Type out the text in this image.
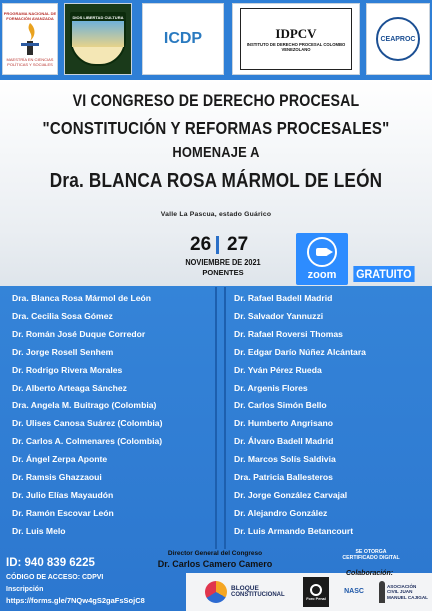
PROGRAMA NACIONAL DE FORMACIÓN AVANZADA
MAESTRÍA EN CIENCIAS POLÍTICAS Y SOCIALES
DIOS LIBERTAD CULTURA
ICDP	IDPCV
INSTITUTO DE DERECHO PROCESAL COLOMBO VENEZOLANO
CEAPROC
VI CONGRESO DE DERECHO PROCESAL
"CONSTITUCIÓN Y REFORMAS PROCESALES"
HOMENAJE A
Dra. BLANCA ROSA MÁRMOL DE LEÓN
Valle La Pascua, estado Guárico
26 27
NOVIEMBRE DE 2021
PONENTES	zoom GRATUITO
Dra. Blanca Rosa Mármol de León
Dra. Cecilia Sosa Gómez
Dr. Román José Duque Corredor
Dr. Jorge Rosell Senhem
Dr. Rodrigo Rivera Morales
Dr. Alberto Arteaga Sánchez
Dra. Angela M. Buitrago (Colombia)
Dr. Ulises Canosa Suárez (Colombia)
Dr. Carlos A. Colmenares (Colombia)
Dr. Ángel Zerpa Aponte
Dr. Ramsis Ghazzaoui
Dr. Julio Elías Mayaudón
Dr. Ramón Escovar León
Dr. Luis Melo
Dr. Rafael Badell Madrid
Dr. Salvador Yannuzzi
Dr. Rafael Roversi Thomas
Dr. Edgar Darío Núñez Alcántara
Dr. Yván Pérez Rueda
Dr. Argenis Flores
Dr. Carlos Simón Bello
Dr. Humberto Angrisano
Dr. Álvaro Badell Madrid
Dr. Marcos Solís Saldivia
Dra. Patricia Ballesteros
Dr. Jorge González Carvajal
Dr. Alejandro González
Dr. Luis Armando Betancourt
ID: 940 839 6225
CÓDIGO DE ACCESO: CDPVI
Inscripción
https://forms.gle/7NQw4gS2gaFsSojC8
Director General del Congreso
Dr. Carlos Camero Camero
SE OTORGA
CERTIFICADO DIGITAL
Colaboración:
BLOQUE
CONSTITUCIONAL
Foro Penal
NASC
ASOCIACIÓN CIVIL JUAN MANUEL CAJIGAL
